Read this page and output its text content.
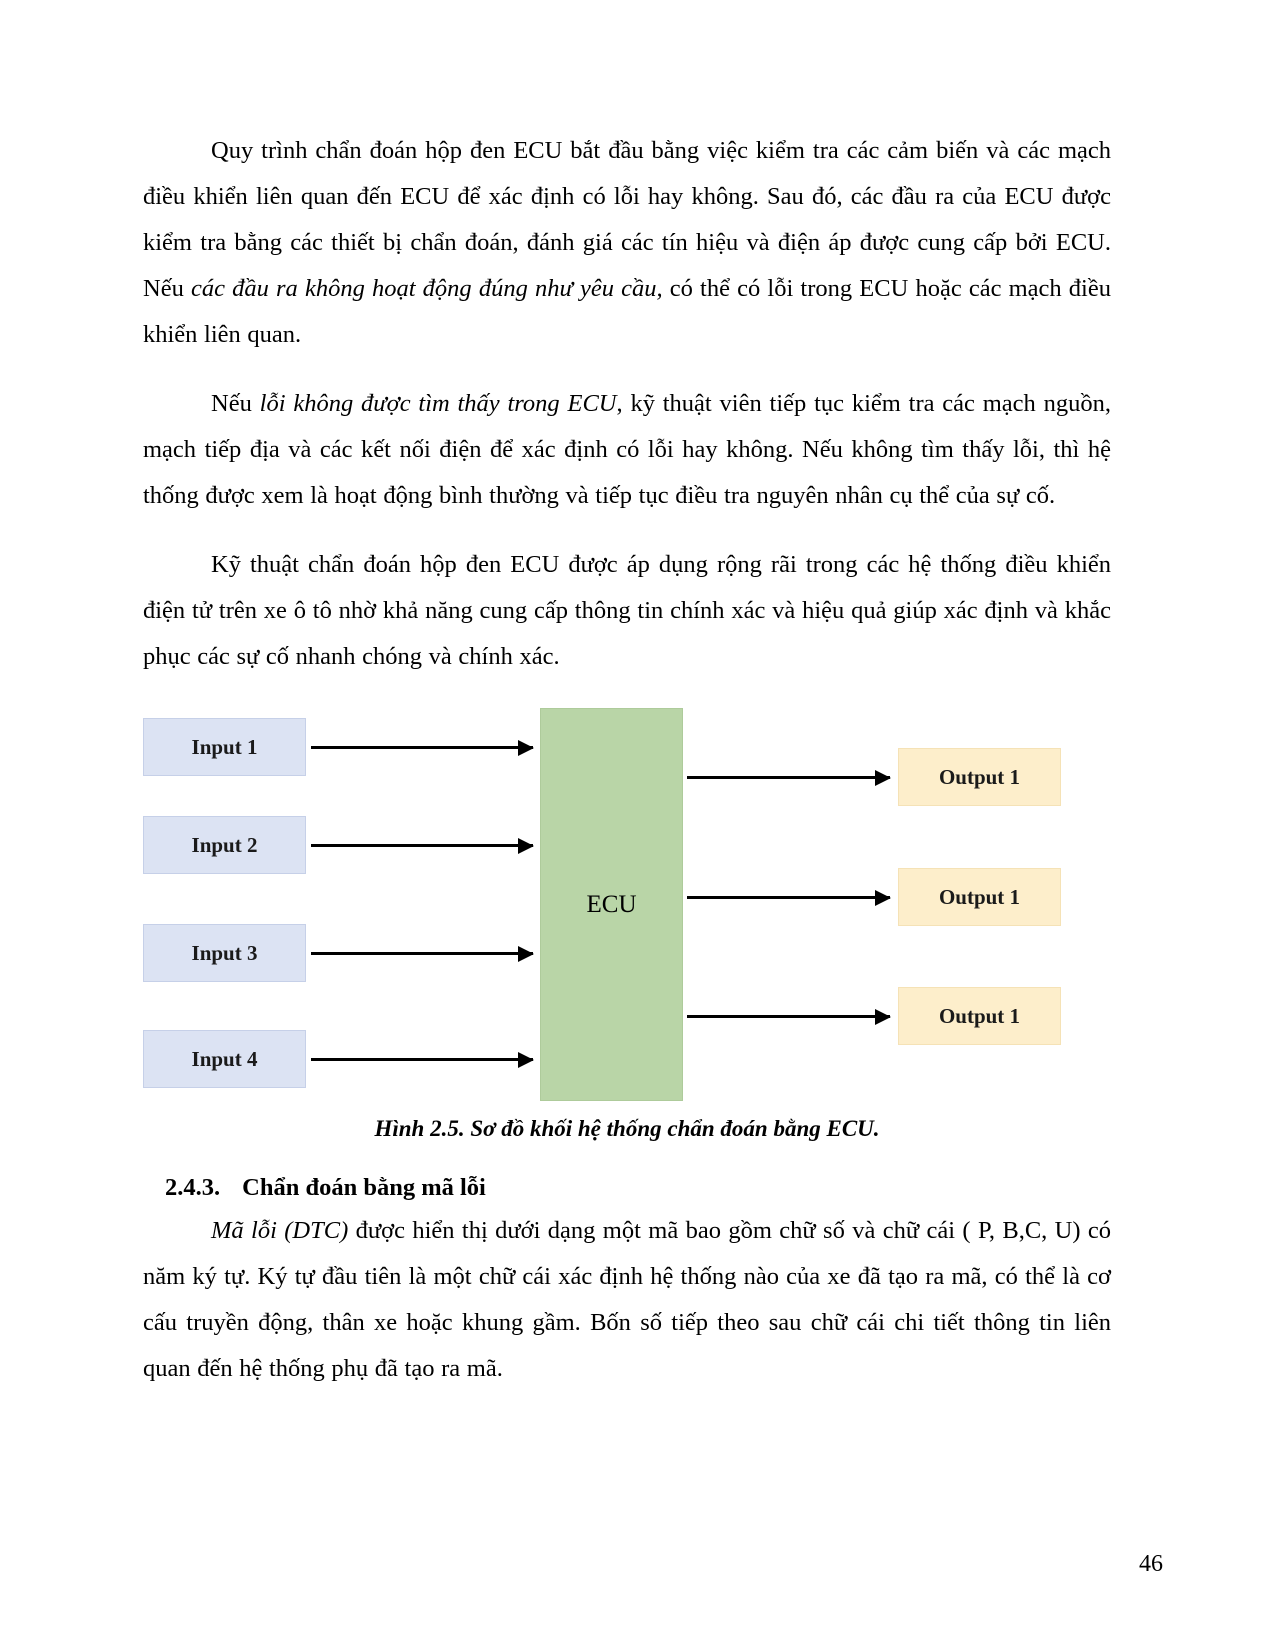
Quy trình chẩn đoán hộp đen ECU bắt đầu bằng việc kiểm tra các cảm biến và các mạch điều khiển liên quan đến ECU để xác định có lỗi hay không. Sau đó, các đầu ra của ECU được kiểm tra bằng các thiết bị chẩn đoán, đánh giá các tín hiệu và điện áp được cung cấp bởi ECU. Nếu các đầu ra không hoạt động đúng như yêu cầu, có thể có lỗi trong ECU hoặc các mạch điều khiển liên quan.

Nếu lỗi không được tìm thấy trong ECU, kỹ thuật viên tiếp tục kiểm tra các mạch nguồn, mạch tiếp địa và các kết nối điện để xác định có lỗi hay không. Nếu không tìm thấy lỗi, thì hệ thống được xem là hoạt động bình thường và tiếp tục điều tra nguyên nhân cụ thể của sự cố.

Kỹ thuật chẩn đoán hộp đen ECU được áp dụng rộng rãi trong các hệ thống điều khiển điện tử trên xe ô tô nhờ khả năng cung cấp thông tin chính xác và hiệu quả giúp xác định và khắc phục các sự cố nhanh chóng và chính xác.

Input 1
Input 2
Input 3
Input 4
ECU
Output 1
Output 1
Output 1
Hình 2.5. Sơ đồ khối hệ thống chẩn đoán bằng ECU.
2.4.3. Chẩn đoán bằng mã lỗi

Mã lỗi (DTC) được hiển thị dưới dạng một mã bao gồm chữ số và chữ cái ( P, B,C, U) có năm ký tự. Ký tự đầu tiên là một chữ cái xác định hệ thống nào của xe đã tạo ra mã, có thể là cơ cấu truyền động, thân xe hoặc khung gầm. Bốn số tiếp theo sau chữ cái chi tiết thông tin liên quan đến hệ thống phụ đã tạo ra mã.

46
